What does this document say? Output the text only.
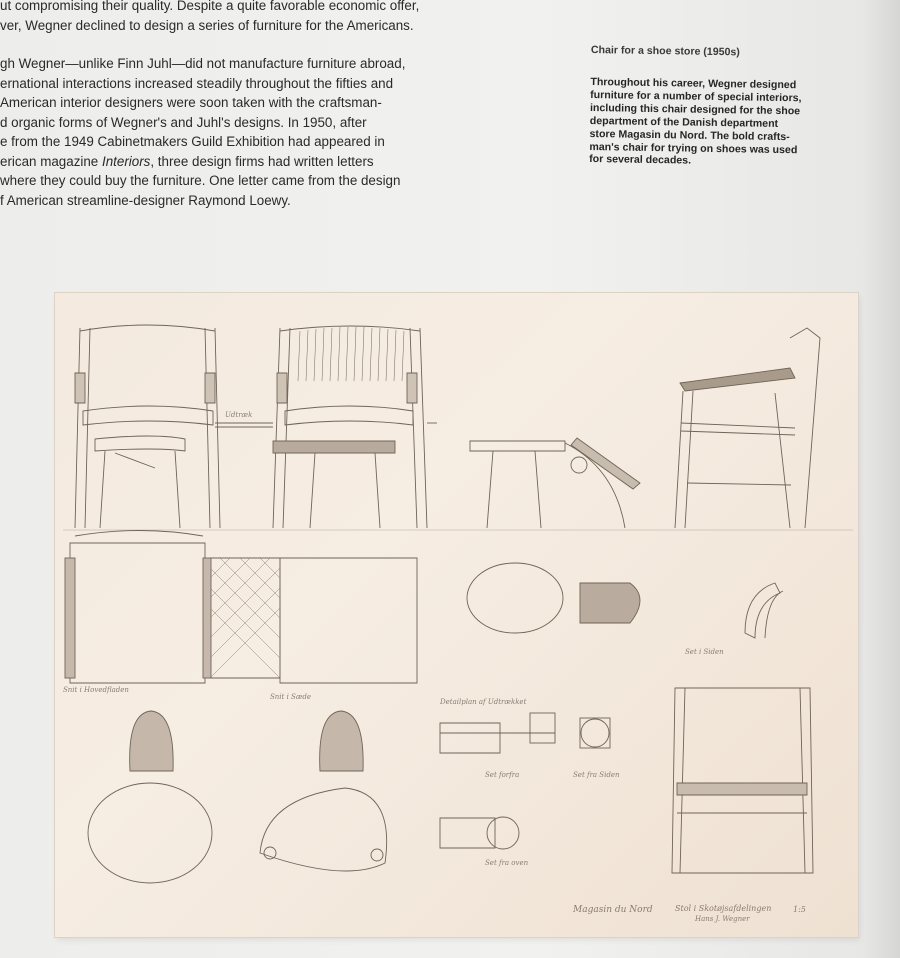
ut compromising their quality. Despite a quite favorable economic offer,

ver, Wegner declined to design a series of furniture for the Americans.

gh Wegner—unlike Finn Juhl—did not manufacture furniture abroad,

ernational interactions increased steadily throughout the fifties and

American interior designers were soon taken with the craftsman-

d organic forms of Wegner's and Juhl's designs. In 1950, after

e from the 1949 Cabinetmakers Guild Exhibition had appeared in

erican magazine Interiors, three design firms had written letters

where they could buy the furniture. One letter came from the design

f American streamline-designer Raymond Loewy.

Chair for a shoe store (1950s)

Throughout his career, Wegner designed

furniture for a number of special interiors,

including this chair designed for the shoe

department of the Danish department

store Magasin du Nord. The bold crafts-

man's chair for trying on shoes was used

for several decades.

Udtræk
Snit i Hovedfladen
Snit i Sæde
Detailplan af Udtrækket
Set forfra	Set fra Siden
Set fra oven
Set i Siden
Magasin du Nord	Stol i Skotøjsafdelingen
Hans J. Wegner
1:5
